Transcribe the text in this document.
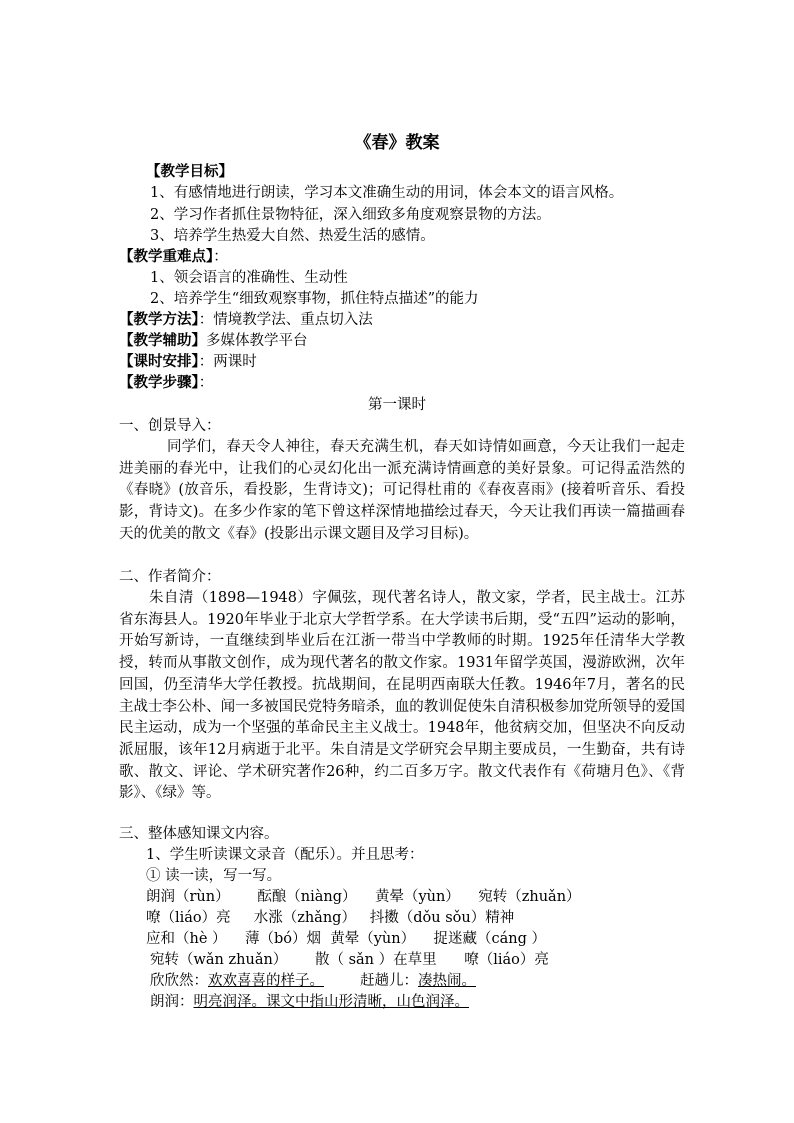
《春》教案
【教学目标】
1、有感情地进行朗读，学习本文准确生动的用词，体会本文的语言风格。
2、学习作者抓住景物特征，深入细致多角度观察景物的方法。
3、培养学生热爱大自然、热爱生活的感情。
【教学重难点】：
1、领会语言的准确性、生动性
2、培养学生“细致观察事物，抓住特点描述”的能力
【教学方法】：情境教学法、重点切入法
【教学辅助】多媒体教学平台
【课时安排】：两课时
【教学步骤】：
第一课时
一、创景导入：
同学们，春天令人神往，春天充满生机，春天如诗情如画意，今天让我们一起走进美丽的春光中，让我们的心灵幻化出一派充满诗情画意的美好景象。可记得孟浩然的《春晓》(放音乐，看投影，生背诗文)；可记得杜甫的《春夜喜雨》(接着听音乐、看投影，背诗文)。在多少作家的笔下曾这样深情地描绘过春天，今天让我们再读一篇描画春天的优美的散文《春》(投影出示课文题目及学习目标)。
二、作者简介：
朱自清（1898—1948）字佩弦，现代著名诗人，散文家，学者，民主战士。江苏省东海县人。1920年毕业于北京大学哲学系。在大学读书后期，受“五四”运动的影响，开始写新诗，一直继续到毕业后在江浙一带当中学教师的时期。1925年任清华大学教授，转而从事散文创作，成为现代著名的散文作家。1931年留学英国，漫游欧洲，次年回国，仍至清华大学任教授。抗战期间，在昆明西南联大任教。1946年7月，著名的民主战士李公朴、闻一多被国民党特务暗杀，血的教训促使朱自清积极参加党所领导的爱国民主运动，成为一个坚强的革命民主主义战士。1948年，他贫病交加，但坚决不向反动派屈服，该年12月病逝于北平。朱自清是文学研究会早期主要成员，一生勤奋，共有诗歌、散文、评论、学术研究著作26种，约二百多万字。散文代表作有《荷塘月色》、《背影》、《绿》等。
三、整体感知课文内容。
1、学生听读课文录音（配乐）。并且思考：
① 读一读，写一写。
朗润（rùn）      酝酿（niàng）    黄晕（yùn）    宛转（zhuǎn）
嘹（liáo）亮     水涨（zhǎng）   抖擞（dǒu sǒu）精神
应和（hè ）    薄（bó）烟  黄晕（yùn）    捉迷藏（cáng ）
宛转（wǎn zhuǎn）      散（ sǎn ）在草里      嘹（liáo）亮
欣欣然：欢欢喜喜的样子。 赶趟儿：凑热闹。
朗润：明亮润泽。课文中指山形清晰，山色润泽。
